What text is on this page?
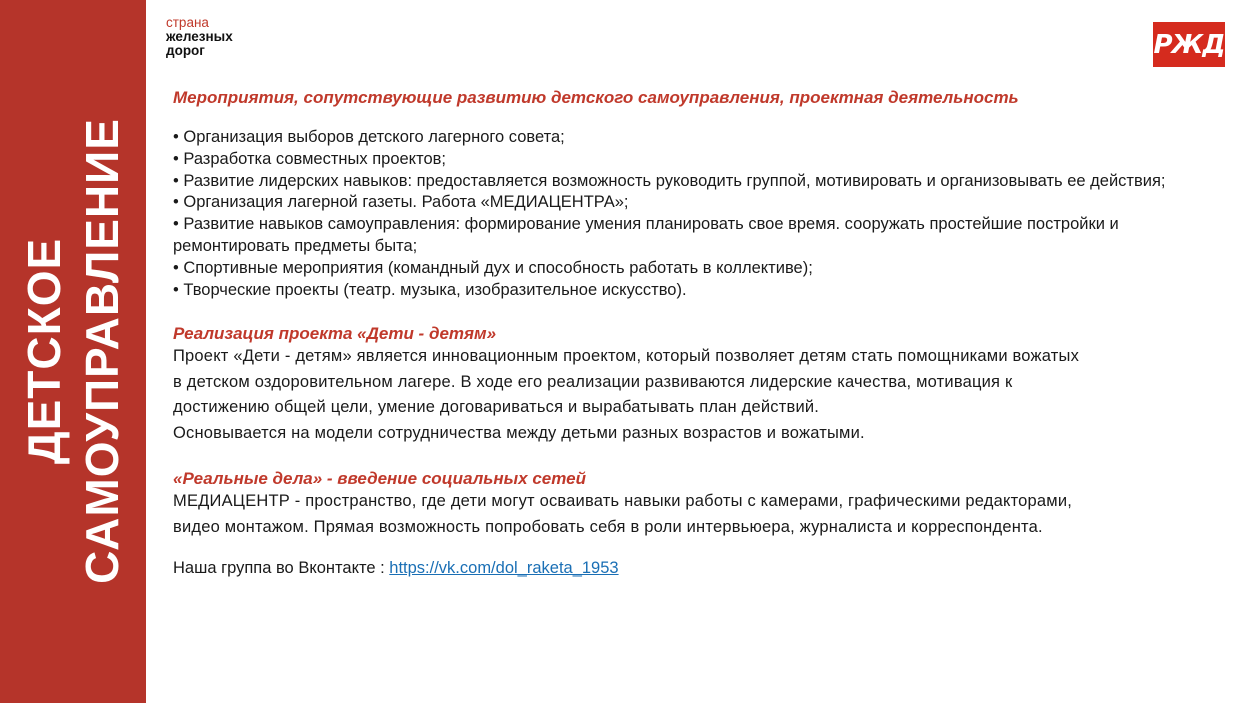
ДЕТСКОЕ САМОУПРАВЛЕНИЕ
страна
железных
дорог	РЖД

Мероприятия, сопутствующие развитию детского самоуправления, проектная деятельность

• Организация выборов детского лагерного совета;
• Разработка совместных проектов;
• Развитие лидерских навыков: предоставляется возможность руководить группой, мотивировать и организовывать ее действия;
• Организация лагерной газеты. Работа «МЕДИАЦЕНТРА»;
• Развитие навыков самоуправления: формирование умения планировать свое время. сооружать простейшие постройки и ремонтировать предметы быта;
• Спортивные мероприятия (командный дух и способность работать в коллективе);
• Творческие проекты (театр. музыка, изобразительное искусство).

Реализация проекта «Дети - детям»

Проект «Дети - детям» является инновационным проектом, который позволяет детям стать помощниками вожатых
в детском оздоровительном лагере. В ходе его реализации развиваются лидерские качества, мотивация к
достижению общей цели, умение договариваться и вырабатывать план действий.
Основывается на модели сотрудничества между детьми разных возрастов и вожатыми.

«Реальные дела» - введение социальных сетей

МЕДИАЦЕНТР - пространство, где дети могут осваивать навыки работы с камерами, графическими редакторами,
видео монтажом. Прямая возможность попробовать себя в роли интервьюера, журналиста и корреспондента.
Наша группа во Вконтакте : https://vk.com/dol_raketa_1953
